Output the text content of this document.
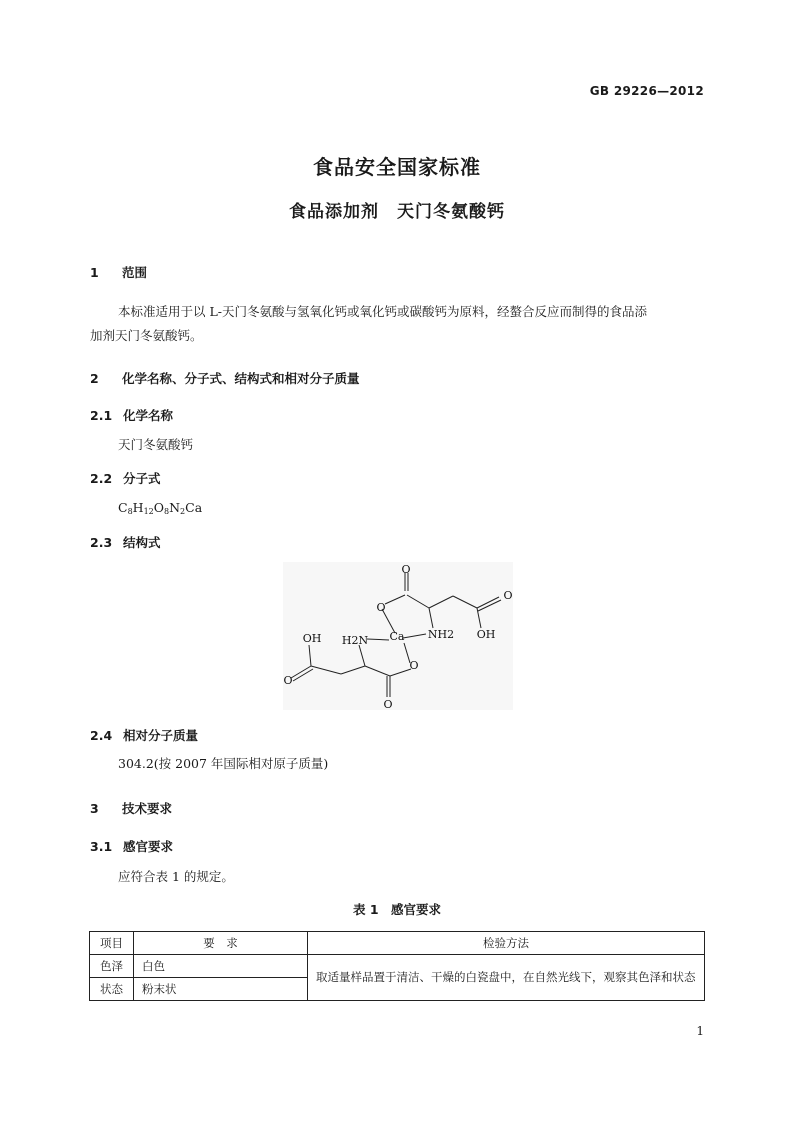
GB 29226—2012
食品安全国家标准
食品添加剂　天门冬氨酸钙
1 范围
本标准适用于以 L-天门冬氨酸与氢氧化钙或氧化钙或碳酸钙为原料，经螯合反应而制得的食品添
加剂天门冬氨酸钙。
2 化学名称、分子式、结构式和相对分子质量
2.1 化学名称
天门冬氨酸钙
2.2 分子式
$C_8H_{12}O_8N_2Ca$
2.3 结构式
O
O
O
OH
NH2
H2N Ca
OH
O
O
O
2.4 相对分子质量
304.2(按 2007 年国际相对原子质量)
3 技术要求
3.1 感官要求
应符合表 1 的规定。
表 1　感官要求
项目	要　求	检验方法
色泽	白色	取适量样品置于清洁、干燥的白瓷盘中，在自然光线下，观察其色泽和状态
状态	粉末状	
1
